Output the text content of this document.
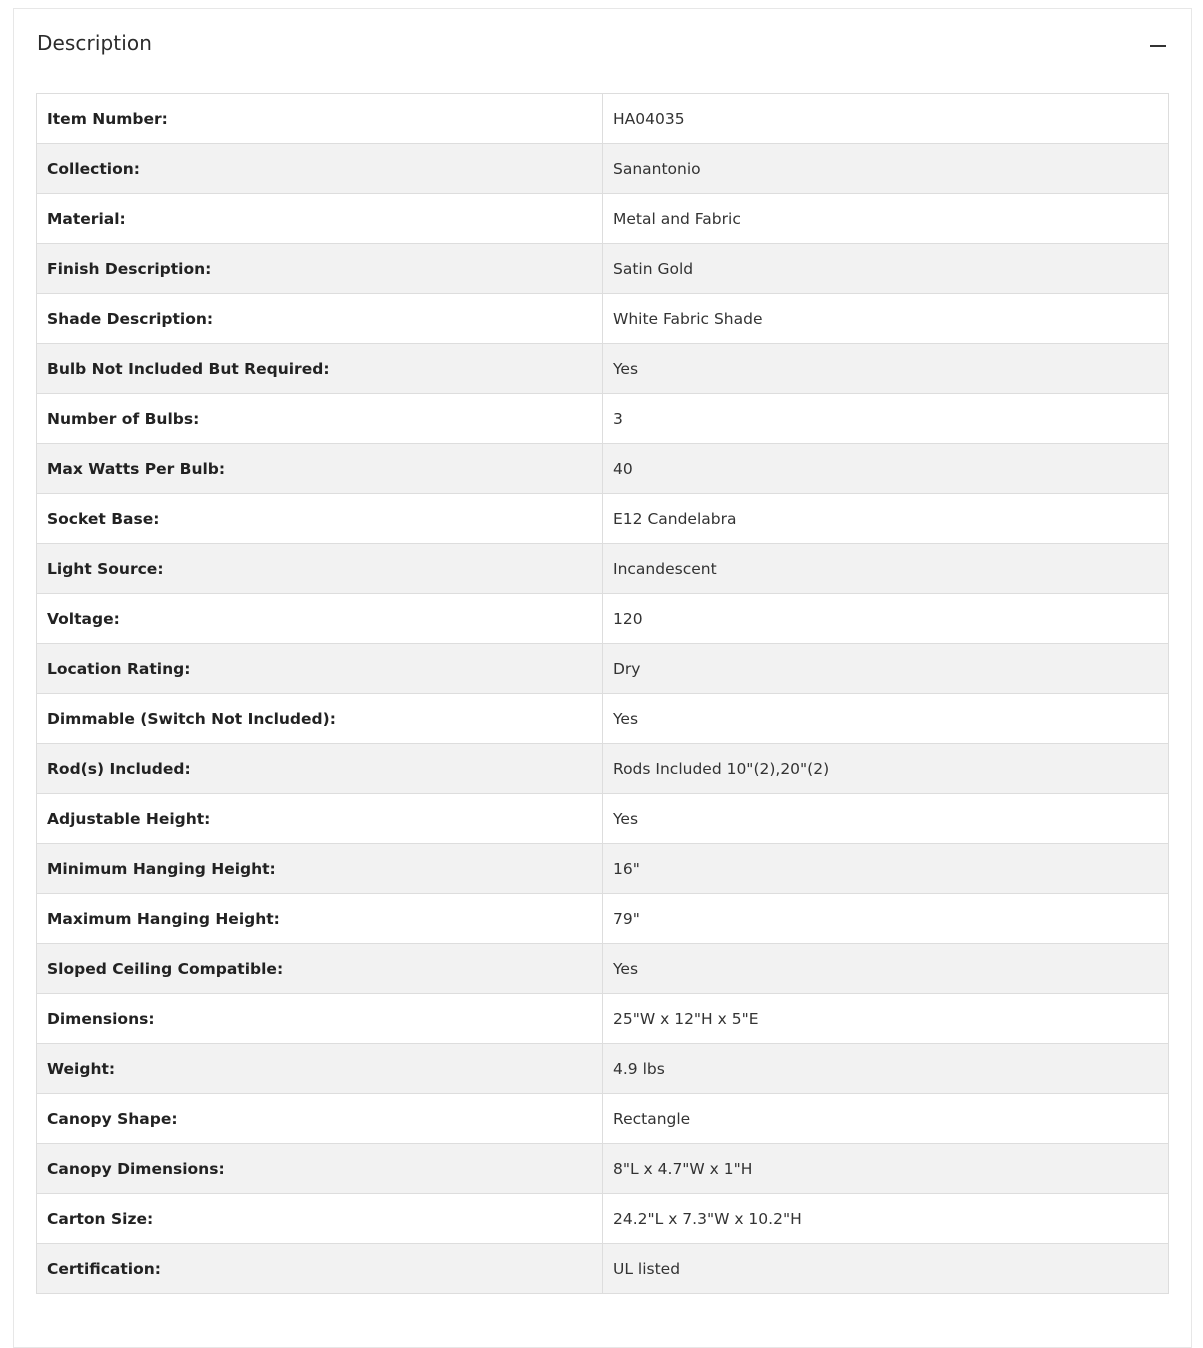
Description
Item Number:	HA04035
Collection:	Sanantonio
Material:	Metal and Fabric
Finish Description:	Satin Gold
Shade Description:	White Fabric Shade
Bulb Not Included But Required:	Yes
Number of Bulbs:	3
Max Watts Per Bulb:	40
Socket Base:	E12 Candelabra
Light Source:	Incandescent
Voltage:	120
Location Rating:	Dry
Dimmable (Switch Not Included):	Yes
Rod(s) Included:	Rods Included 10"(2),20"(2)
Adjustable Height:	Yes
Minimum Hanging Height:	16"
Maximum Hanging Height:	79"
Sloped Ceiling Compatible:	Yes
Dimensions:	25"W x 12"H x 5"E
Weight:	4.9 lbs
Canopy Shape:	Rectangle
Canopy Dimensions:	8"L x 4.7"W x 1"H
Carton Size:	24.2"L x 7.3"W x 10.2"H
Certification:	UL listed
